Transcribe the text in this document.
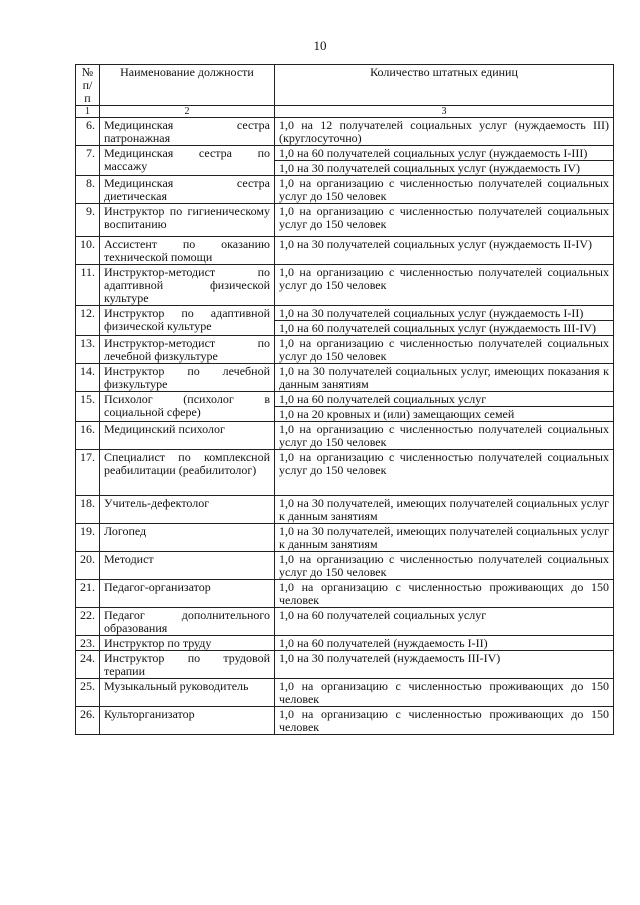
10
№ п/п	Наименование должности	Количество штатных единиц
1	2	3
6.	Медицинская сестра патронажная	1,0 на 12 получателей социальных услуг (нуждаемость III) (круглосуточно)
7.	Медицинская сестра по массажу	1,0 на 60 получателей социальных услуг (нуждаемость I-III)
		1,0 на 30 получателей социальных услуг (нуждаемость IV)
8.	Медицинская сестра диетическая	1,0 на организацию с численностью получателей социальных услуг до 150 человек
9.	Инструктор по гигиеническому воспитанию	1,0 на организацию с численностью получателей социальных услуг до 150 человек
10.	Ассистент по оказанию технической помощи	1,0 на 30 получателей социальных услуг (нуждаемость II-IV)
11.	Инструктор-методист по адаптивной физической культуре	1,0 на организацию с численностью получателей социальных услуг до 150 человек
12.	Инструктор по адаптивной физической культуре	1,0 на 30 получателей социальных услуг (нуждаемость I-II)
		1,0 на 60 получателей социальных услуг (нуждаемость III-IV)
13.	Инструктор-методист по лечебной физкультуре	1,0 на организацию с численностью получателей социальных услуг до 150 человек
14.	Инструктор по лечебной физкультуре	1,0 на 30 получателей социальных услуг, имеющих показания к данным занятиям
15.	Психолог (психолог в социальной сфере)	1,0 на 60 получателей социальных услуг
		1,0 на 20 кровных и (или) замещающих семей
16.	Медицинский психолог	1,0 на организацию с численностью получателей социальных услуг до 150 человек
17.	Специалист по комплексной реабилитации (реабилитолог)	1,0 на организацию с численностью получателей социальных услуг до 150 человек
18.	Учитель-дефектолог	1,0 на 30 получателей, имеющих получателей социальных услуг к данным занятиям
19.	Логопед	1,0 на 30 получателей, имеющих получателей социальных услуг к данным занятиям
20.	Методист	1,0 на организацию с численностью получателей социальных услуг до 150 человек
21.	Педагог-организатор	1,0 на организацию с численностью проживающих до 150 человек
22.	Педагог дополнительного образования	1,0 на 60 получателей социальных услуг
23.	Инструктор по труду	1,0 на 60 получателей (нуждаемость I-II)
24.	Инструктор по трудовой терапии	1,0 на 30 получателей (нуждаемость III-IV)
25.	Музыкальный руководитель	1,0 на организацию с численностью проживающих до 150 человек
26.	Культорганизатор	1,0 на организацию с численностью проживающих до 150 человек
